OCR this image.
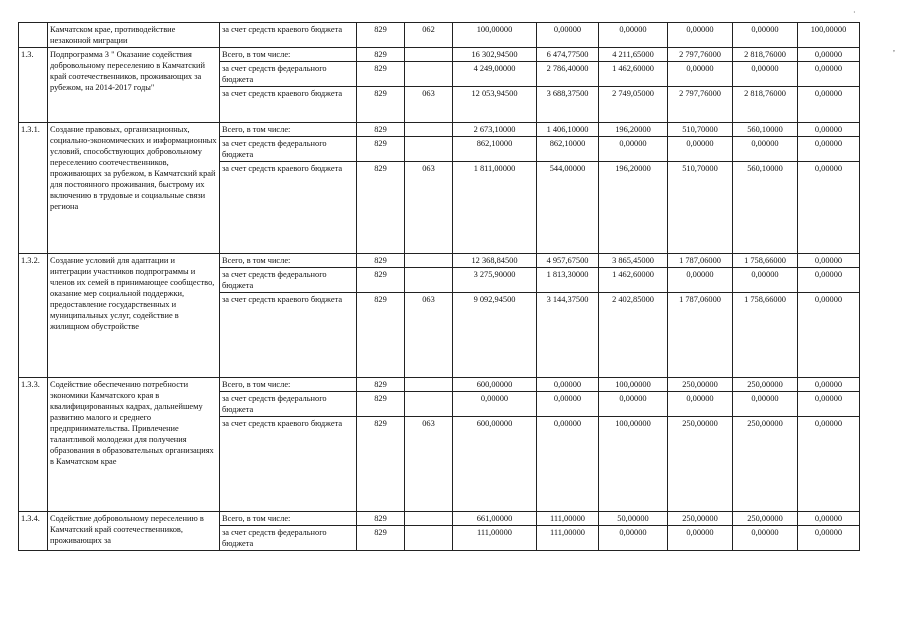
·
,
	Камчатском крае, противодействие незаконной миграции	за счет средств краевого бюджета	829	062	100,00000	0,00000	0,00000	0,00000	0,00000	100,00000
1.3.	Подпрограмма 3 " Оказание содействия добровольному переселению в Камчатский край соотечественников, проживающих за рубежом, на 2014-2017 годы"	Всего, в том числе:	829		16 302,94500	6 474,77500	4 211,65000	2 797,76000	2 818,76000	0,00000
		за счет средств федерального бюджета	829		4 249,00000	2 786,40000	1 462,60000	0,00000	0,00000	0,00000
		за счет средств краевого бюджета	829	063	12 053,94500	3 688,37500	2 749,05000	2 797,76000	2 818,76000	0,00000
1.3.1.	Создание правовых, организационных, социально-экономических и информационных условий, способствующих добровольному переселению соотечественников, проживающих за рубежом, в Камчатский край для постоянного проживания, быстрому их включению в трудовые и социальные связи региона	Всего, в том числе:	829		2 673,10000	1 406,10000	196,20000	510,70000	560,10000	0,00000
		за счет средств федерального бюджета	829		862,10000	862,10000	0,00000	0,00000	0,00000	0,00000
		за счет средств краевого бюджета	829	063	1 811,00000	544,00000	196,20000	510,70000	560,10000	0,00000
1.3.2.	Создание условий для адаптации и интеграции участников подпрограммы и членов их семей в принимающее сообщество, оказание мер социальной поддержки, предоставление государственных и муниципальных услуг, содействие в жилищном обустройстве	Всего, в том числе:	829		12 368,84500	4 957,67500	3 865,45000	1 787,06000	1 758,66000	0,00000
		за счет средств федерального бюджета	829		3 275,90000	1 813,30000	1 462,60000	0,00000	0,00000	0,00000
		за счет средств краевого бюджета	829	063	9 092,94500	3 144,37500	2 402,85000	1 787,06000	1 758,66000	0,00000
1.3.3.	Содействие обеспечению потребности экономики Камчатского края в квалифицированных кадрах, дальнейшему развитию малого и среднего предпринимательства. Привлечение талантливой молодежи для получения образования в образовательных организациях в Камчатском крае	Всего, в том числе:	829		600,00000	0,00000	100,00000	250,00000	250,00000	0,00000
		за счет средств федерального бюджета	829		0,00000	0,00000	0,00000	0,00000	0,00000	0,00000
		за счет средств краевого бюджета	829	063	600,00000	0,00000	100,00000	250,00000	250,00000	0,00000
1.3.4.	Содействие добровольному переселению в Камчатский край соотечественников, проживающих за	Всего, в том числе:	829		661,00000	111,00000	50,00000	250,00000	250,00000	0,00000
		за счет средств федерального бюджета	829		111,00000	111,00000	0,00000	0,00000	0,00000	0,00000
